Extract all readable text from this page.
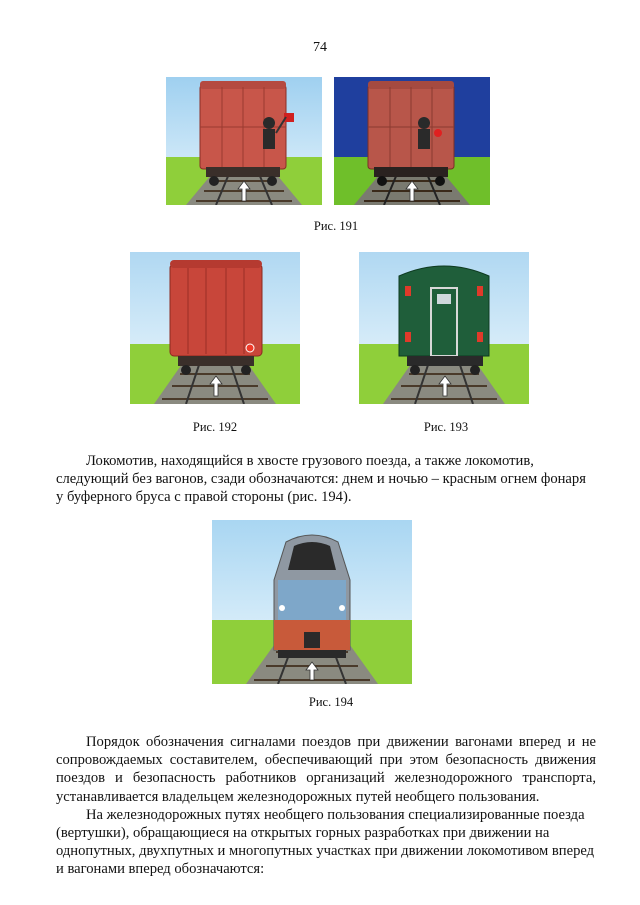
74
Рис. 191
Рис. 192	Рис. 193

Локомотив, находящийся в хвосте грузового поезда, а также локомотив, следующий без вагонов, сзади обозначаются: днем и ночью – красным огнем фонаря у буферного бруса с правой стороны (рис. 194).

Рис. 194

Порядок обозначения сигналами поездов при движении вагонами вперед и не сопровождаемых составителем, обеспечивающий при этом безопасность движения поездов и безопасность работников организаций железнодорожного транспорта, устанавливается владельцем железнодорожных путей необщего пользования.

На железнодорожных путях необщего пользования специализированные поезда (вертушки), обращающиеся на открытых горных разработках при движении на однопутных, двухпутных и многопутных участках при движении локомотивом вперед и вагонами вперед обозначаются:
